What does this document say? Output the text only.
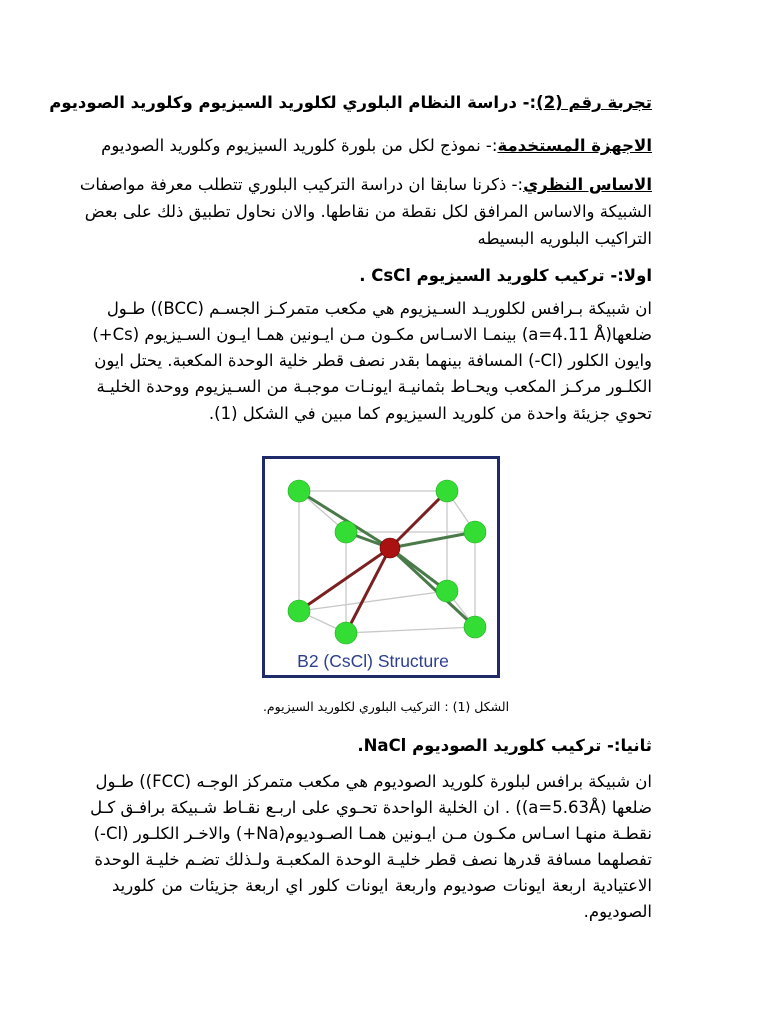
تجربة رقم (2):- دراسة النظام البلوري لكلوريد السيزيوم وكلوريد الصوديوم
الاجهزة المستخدمة:- نموذج لكل من بلورة كلوريد السيزيوم وكلوريد الصوديوم
الاساس النظري:- ذكرنا سابقا ان دراسة التركيب البلوري تتطلب معرفة مواصفات
الشبيكة والاساس المرافق لكل نقطة من نقاطها. والان نحاول تطبيق ذلك على بعض
التراكيب البلوريه البسيطه
اولا:- تركيب كلوريد السيزيوم CsCl .
ان شبيكة بـرافس لكلوريـد السـيزيوم هي مكعب متمركـز الجسـم (BCC)) طـول
ضلعها(a=4.11 Å) بينمـا الاسـاس مكـون مـن ايـونين همـا ايـون السـيزيوم (Cs+)
وايون الكلور (Cl-) المسافة بينهما بقدر نصف قطر خلية الوحدة المكعبة. يحتل ايون
الكلـور مركـز المكعب ويحـاط بثمانيـة ايونـات موجبـة من السـيزيوم ووحدة الخليـة
تحوي جزيئة واحدة من كلوريد السيزيوم كما مبين في الشكل (1).
B2 (CsCl) Structure
الشكل (1) : التركيب البلوري لكلوريد السيزيوم.
ثانيا:- تركيب كلوريد الصوديوم NaCl.
ان شبيكة برافس لبلورة كلوريد الصوديوم هي مكعب متمركز الوجـه (FCC)) طـول
ضلعها (a=5.63Å)) . ان الخلية الواحدة تحـوي على اربـع نقـاط شـبيكة برافـق كـل
نقطـة منهـا اسـاس مكـون مـن ايـونين همـا الصـوديوم(Na+) والاخـر الكلـور (Cl-)
تفصلهما مسافة قدرها نصف قطر خليـة الوحدة المكعبـة ولـذلك تضـم خليـة الوحدة
الاعتيادية اربعة ايونات صوديوم واربعة ايونات كلور اي اربعة جزيئات من كلوريد
الصوديوم.
